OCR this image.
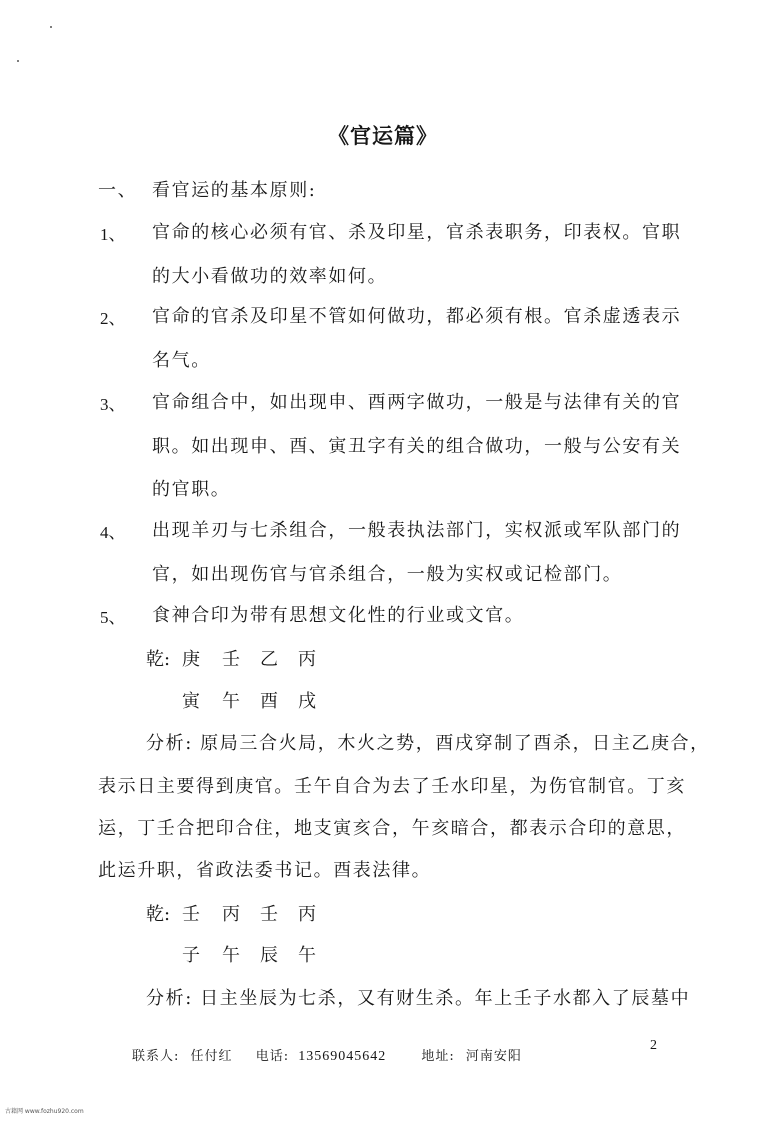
《官运篇》
一、 看官运的基本原则:
1、 官命的核心必须有官、杀及印星，官杀表职务，印表权。官职
的大小看做功的效率如何。
2、 官命的官杀及印星不管如何做功，都必须有根。官杀虚透表示
名气。
3、 官命组合中，如出现申、酉两字做功，一般是与法律有关的官
职。如出现申、酉、寅丑字有关的组合做功，一般与公安有关
的官职。
4、 出现羊刃与七杀组合，一般表执法部门，实权派或军队部门的
官，如出现伤官与官杀组合，一般为实权或记检部门。
5、 食神合印为带有思想文化性的行业或文官。
乾: 庚 壬 乙 丙
寅 午 酉 戌
分析: 原局三合火局，木火之势，酉戌穿制了酉杀，日主乙庚合，
表示日主要得到庚官。壬午自合为去了壬水印星，为伤官制官。丁亥
运，丁壬合把印合住，地支寅亥合，午亥暗合，都表示合印的意思，
此运升职，省政法委书记。酉表法律。
乾: 壬 丙 壬 丙
子 午 辰 午
分析: 日主坐辰为七杀，又有财生杀。年上壬子水都入了辰墓中
联系人: 任付红 电话: 13569045642	地址: 河南安阳
2
古籍网 www.fozhu920.com
